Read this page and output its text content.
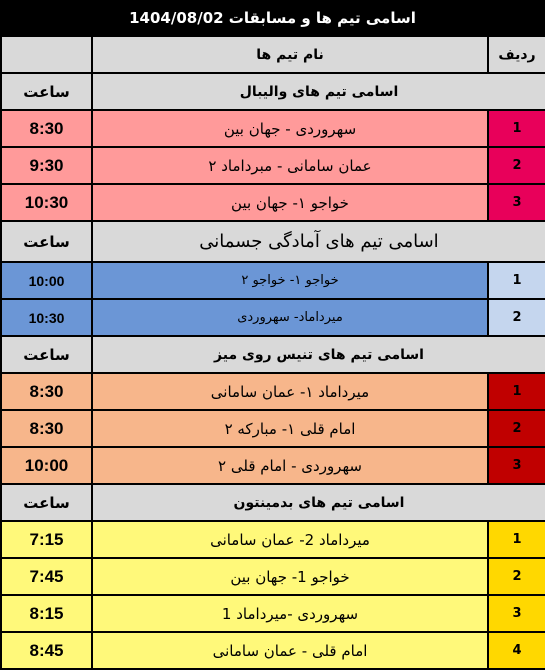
اسامی تیم ها و مسابقات 1404/08/02
	نام تیم ها	ردیف
ساعت	اسامی تیم های والیبال	
8:30	سهروردی - جهان بین	1
9:30	عمان سامانی - مبرداماد ۲	2
10:30	خواجو ۱- جهان بین	3
ساعت	اسامی تیم های آمادگی جسمانی	
10:00	خواجو ۱- خواجو ۲	1
10:30	میرداماد- سهروردی	2
ساعت	اسامی تیم های تنیس روی میز	
8:30	میرداماد ۱- عمان سامانی	1
8:30	امام قلی ۱- مبارکه ۲	2
10:00	سهروردی - امام قلی ۲	3
ساعت	اسامی تیم های بدمینتون	
7:15	میرداماد 2- عمان سامانی	1
7:45	خواجو 1- جهان بین	2
8:15	سهروردی -میرداماد 1	3
8:45	امام قلی - عمان سامانی	4
